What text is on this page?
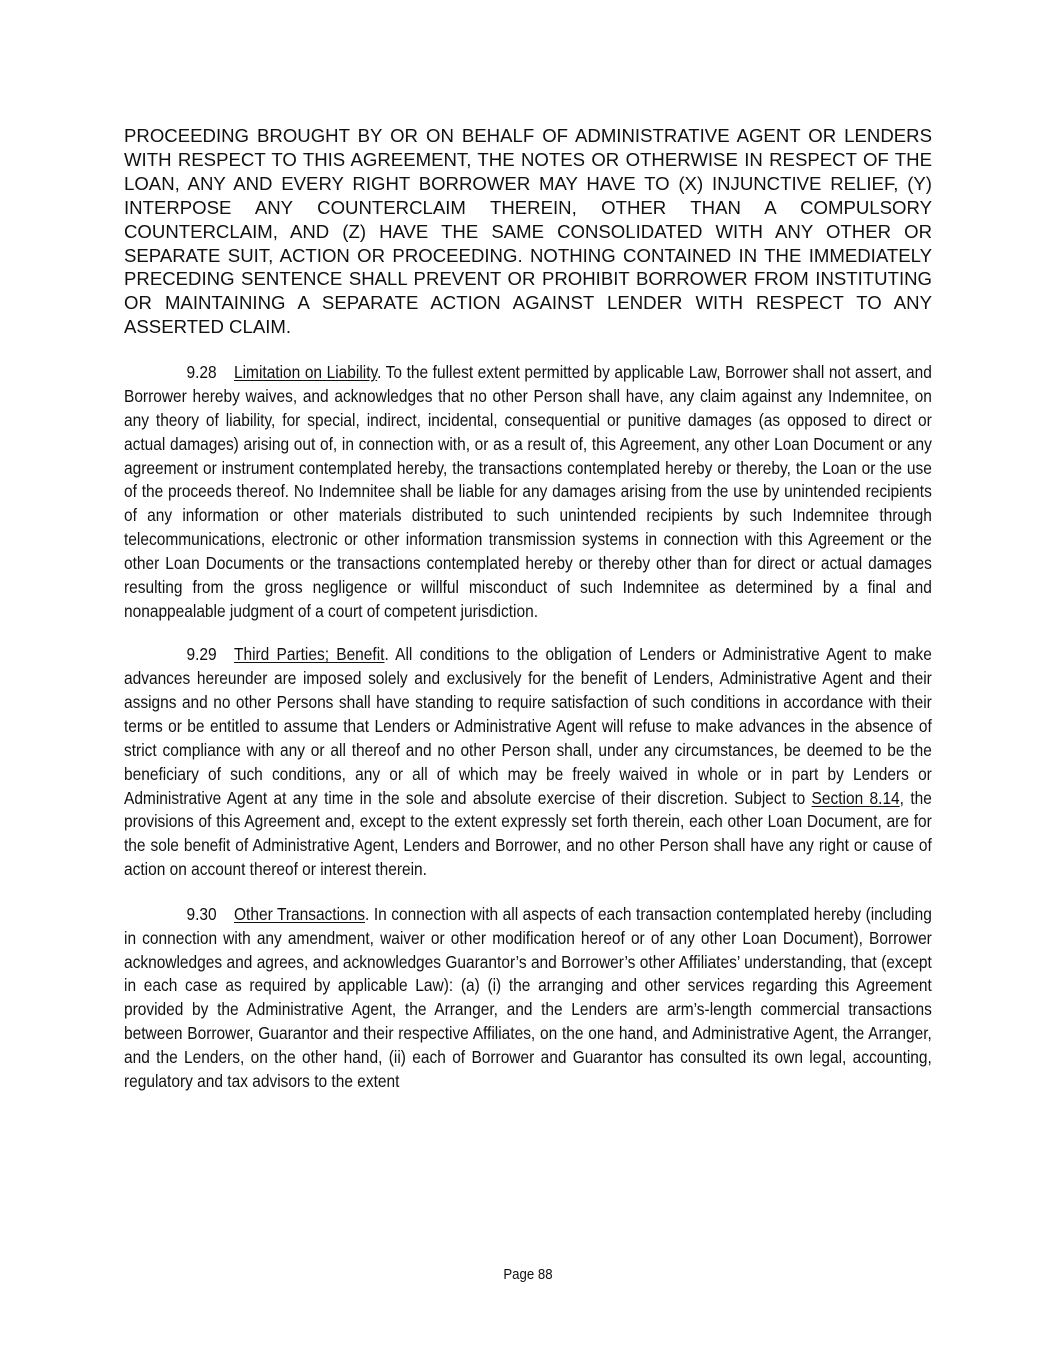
PROCEEDING BROUGHT BY OR ON BEHALF OF ADMINISTRATIVE AGENT OR LENDERS WITH RESPECT TO THIS AGREEMENT, THE NOTES OR OTHERWISE IN RESPECT OF THE LOAN, ANY AND EVERY RIGHT BORROWER MAY HAVE TO (X) INJUNCTIVE RELIEF, (Y) INTERPOSE ANY COUNTERCLAIM THEREIN, OTHER THAN A COMPULSORY COUNTERCLAIM, AND (Z) HAVE THE SAME CONSOLIDATED WITH ANY OTHER OR SEPARATE SUIT, ACTION OR PROCEEDING. NOTHING CONTAINED IN THE IMMEDIATELY PRECEDING SENTENCE SHALL PREVENT OR PROHIBIT BORROWER FROM INSTITUTING OR MAINTAINING A SEPARATE ACTION AGAINST LENDER WITH RESPECT TO ANY ASSERTED CLAIM.

9.28 Limitation on Liability. To the fullest extent permitted by applicable Law, Borrower shall not assert, and Borrower hereby waives, and acknowledges that no other Person shall have, any claim against any Indemnitee, on any theory of liability, for special, indirect, incidental, consequential or punitive damages (as opposed to direct or actual damages) arising out of, in connection with, or as a result of, this Agreement, any other Loan Document or any agreement or instrument contemplated hereby, the transactions contemplated hereby or thereby, the Loan or the use of the proceeds thereof. No Indemnitee shall be liable for any damages arising from the use by unintended recipients of any information or other materials distributed to such unintended recipients by such Indemnitee through telecommunications, electronic or other information transmission systems in connection with this Agreement or the other Loan Documents or the transactions contemplated hereby or thereby other than for direct or actual damages resulting from the gross negligence or willful misconduct of such Indemnitee as determined by a final and nonappealable judgment of a court of competent jurisdiction.

9.29 Third Parties; Benefit. All conditions to the obligation of Lenders or Administrative Agent to make advances hereunder are imposed solely and exclusively for the benefit of Lenders, Administrative Agent and their assigns and no other Persons shall have standing to require satisfaction of such conditions in accordance with their terms or be entitled to assume that Lenders or Administrative Agent will refuse to make advances in the absence of strict compliance with any or all thereof and no other Person shall, under any circumstances, be deemed to be the beneficiary of such conditions, any or all of which may be freely waived in whole or in part by Lenders or Administrative Agent at any time in the sole and absolute exercise of their discretion. Subject to Section 8.14, the provisions of this Agreement and, except to the extent expressly set forth therein, each other Loan Document, are for the sole benefit of Administrative Agent, Lenders and Borrower, and no other Person shall have any right or cause of action on account thereof or interest therein.

9.30 Other Transactions. In connection with all aspects of each transaction contemplated hereby (including in connection with any amendment, waiver or other modification hereof or of any other Loan Document), Borrower acknowledges and agrees, and acknowledges Guarantor’s and Borrower’s other Affiliates’ understanding, that (except in each case as required by applicable Law): (a) (i) the arranging and other services regarding this Agreement provided by the Administrative Agent, the Arranger, and the Lenders are arm’s-length commercial transactions between Borrower, Guarantor and their respective Affiliates, on the one hand, and Administrative Agent, the Arranger, and the Lenders, on the other hand, (ii) each of Borrower and Guarantor has consulted its own legal, accounting, regulatory and tax advisors to the extent

Page 88
